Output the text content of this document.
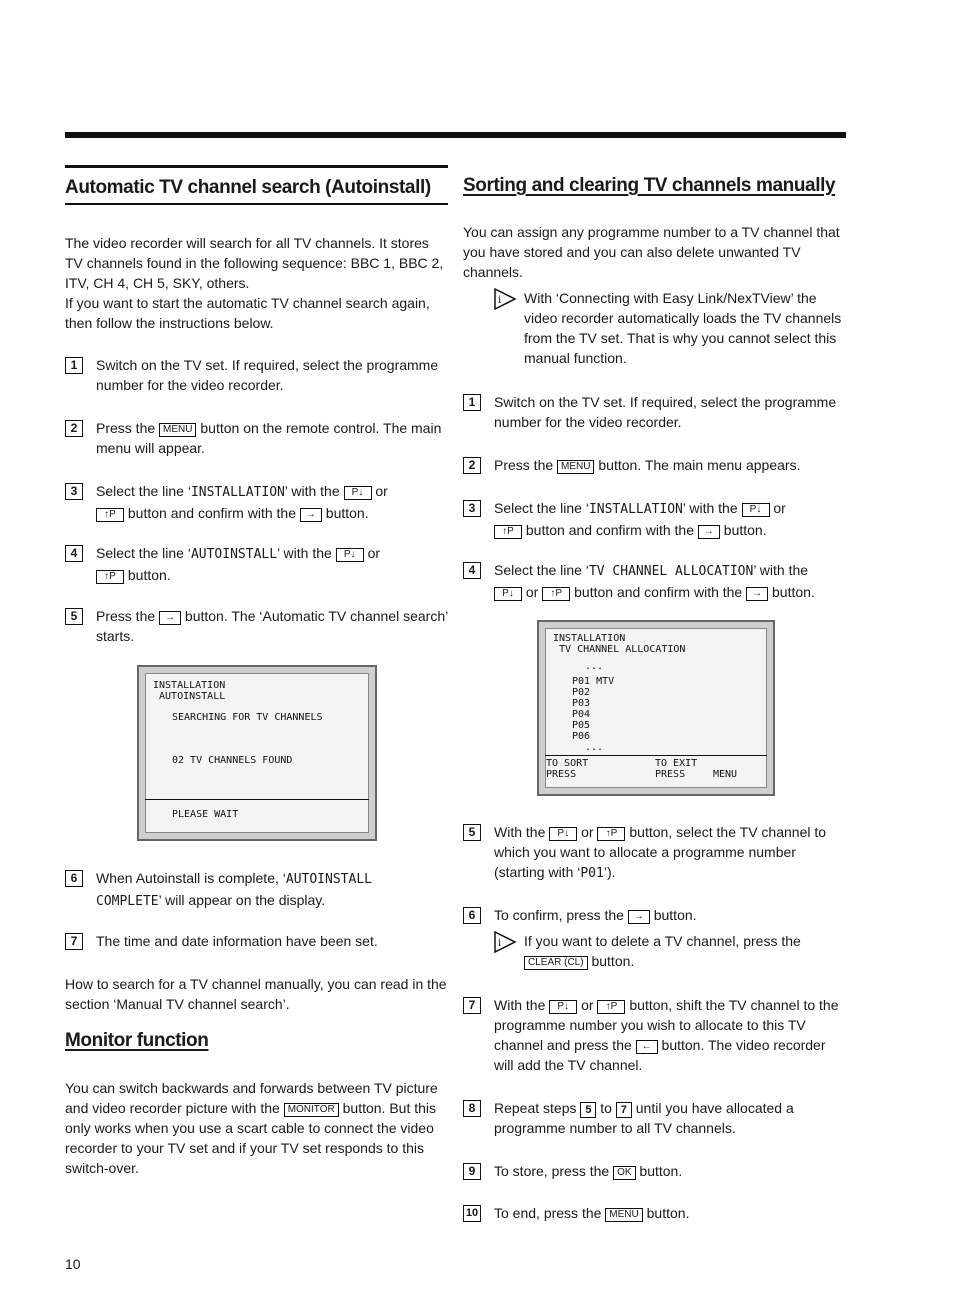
Automatic TV channel search (Autoinstall)

The video recorder will search for all TV channels. It stores TV channels found in the following sequence: BBC 1, BBC 2, ITV, CH 4, CH 5, SKY, others.

If you want to start the automatic TV channel search again, then follow the instructions below.

1	Switch on the TV set. If required, select the programme number for the video recorder.
2	Press the MENU button on the remote control. The main menu will appear.
3	Select the line ‘INSTALLATION’ with the P↓ or
↑P button and confirm with the → button.
4	Select the line ‘AUTOINSTALL’ with the P↓ or
↑P button.
5	Press the → button. The ‘Automatic TV channel search’ starts.
INSTALLATION
AUTOINSTALL
SEARCHING FOR TV CHANNELS
02 TV CHANNELS FOUND
PLEASE WAIT
6	When Autoinstall is complete, ‘AUTOINSTALL COMPLETE’ will appear on the display.
7	The time and date information have been set.

How to search for a TV channel manually, you can read in the section ‘Manual TV channel search’.

Monitor function

You can switch backwards and forwards between TV picture and video recorder picture with the MONITOR button. But this only works when you use a scart cable to connect the video recorder to your TV set and if your TV set responds to this switch-over.

Sorting and clearing TV channels manually

You can assign any programme number to a TV channel that you have stored and you can also delete unwanted TV channels.

i With ‘Connecting with Easy Link/NexTView’ the video recorder automatically loads the TV channels from the TV set. That is why you cannot select this manual function.
1	Switch on the TV set. If required, select the programme number for the video recorder.
2	Press the MENU button. The main menu appears.
3	Select the line ‘INSTALLATION’ with the P↓ or
↑P button and confirm with the → button.
4	Select the line ‘TV CHANNEL ALLOCATION’ with the
P↓ or ↑P button and confirm with the → button.
INSTALLATION
TV CHANNEL ALLOCATION
...
P01 MTV
P02
P03
P04
P05
P06
...
TO SORT
PRESS
TO EXIT
PRESS	MENU
5	With the P↓ or ↑P button, select the TV channel to which you want to allocate a programme number (starting with ‘P01’).
6	To confirm, press the → button.
i If you want to delete a TV channel, press the CLEAR (CL) button.
7	With the P↓ or ↑P button, shift the TV channel to the programme number you wish to allocate to this TV channel and press the ← button. The video recorder will add the TV channel.
8	Repeat steps 5 to 7 until you have allocated a programme number to all TV channels.
9	To store, press the OK button.
10 To end, press the MENU button.
10
